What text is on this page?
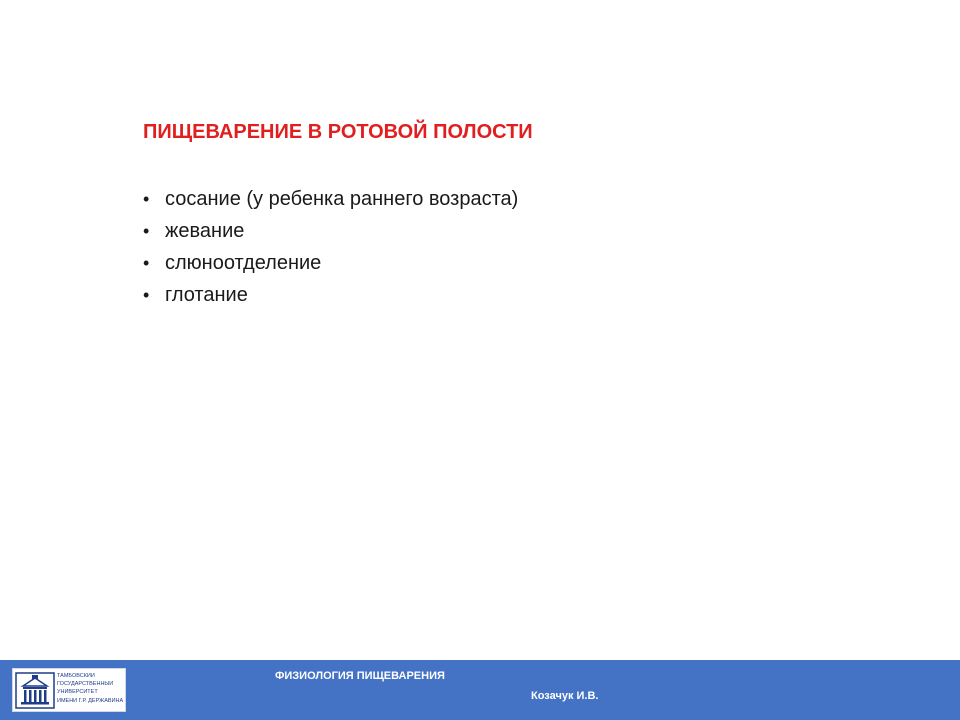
ПИЩЕВАРЕНИЕ В РОТОВОЙ ПОЛОСТИ
• сосание (у ребенка раннего возраста)
• жевание
• слюноотделение
• глотание
ТАМБОВСКИЙ
ГОСУДАРСТВЕННЫЙ
УНИВЕРСИТЕТ
ИМЕНИ Г.Р. ДЕРЖАВИНА
ФИЗИОЛОГИЯ ПИЩЕВАРЕНИЯ
Козачук И.В.
